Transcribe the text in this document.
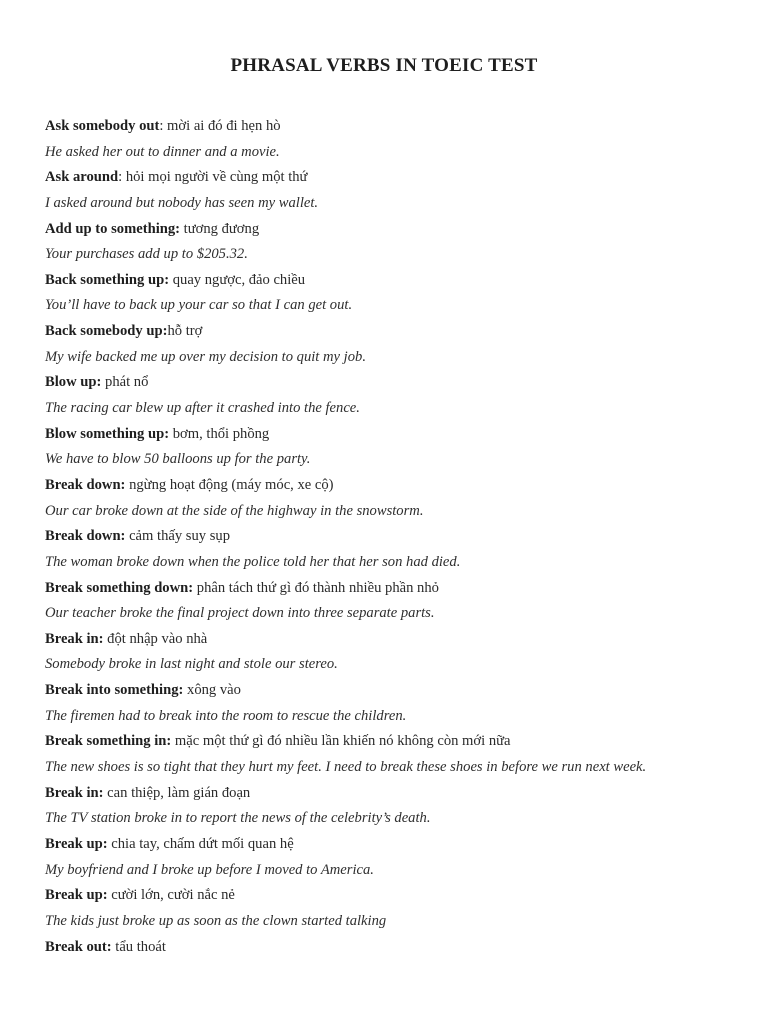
PHRASAL VERBS IN TOEIC TEST
Ask somebody out: mời ai đó đi hẹn hò
He asked her out to dinner and a movie.
Ask around: hỏi mọi người về cùng một thứ
I asked around but nobody has seen my wallet.
Add up to something: tương đương
Your purchases add up to $205.32.
Back something up: quay ngược, đảo chiều
You’ll have to back up your car so that I can get out.
Back somebody up:hỗ trợ
My wife backed me up over my decision to quit my job.
Blow up: phát nổ
The racing car blew up after it crashed into the fence.
Blow something up: bơm, thổi phồng
We have to blow 50 balloons up for the party.
Break down: ngừng hoạt động (máy móc, xe cộ)
Our car broke down at the side of the highway in the snowstorm.
Break down: cảm thấy suy sụp
The woman broke down when the police told her that her son had died.
Break something down: phân tách thứ gì đó thành nhiều phần nhỏ
Our teacher broke the final project down into three separate parts.
Break in: đột nhập vào nhà
Somebody broke in last night and stole our stereo.
Break into something: xông vào
The firemen had to break into the room to rescue the children.
Break something in: mặc một thứ gì đó nhiều lần khiến nó không còn mới nữa
The new shoes is so tight that they hurt my feet. I need to break these shoes in before we run next week.
Break in: can thiệp, làm gián đoạn
The TV station broke in to report the news of the celebrity’s death.
Break up: chia tay, chấm dứt mối quan hệ
My boyfriend and I broke up before I moved to America.
Break up: cười lớn, cười nắc nẻ
The kids just broke up as soon as the clown started talking
Break out: tẩu thoát
